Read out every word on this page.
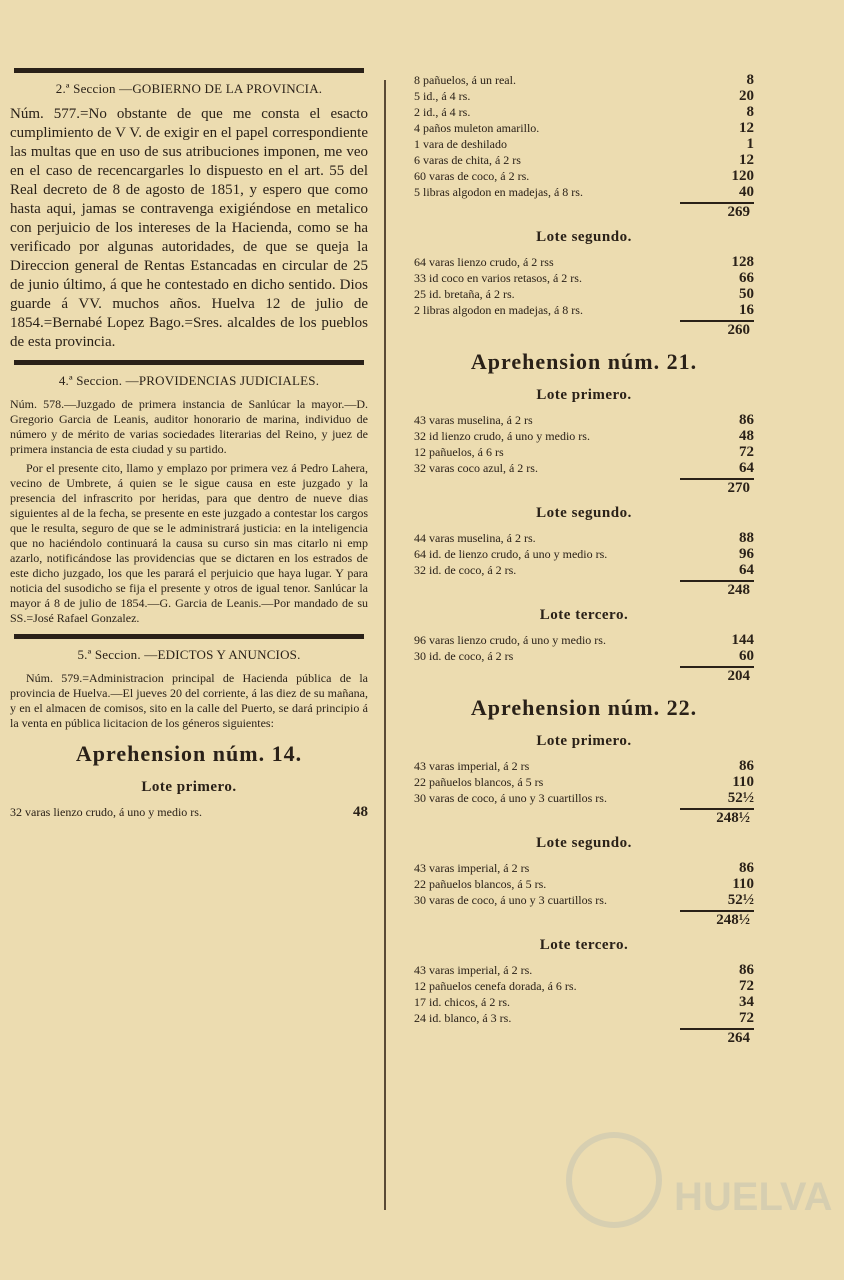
2.ª Seccion —GOBIERNO DE LA PROVINCIA.

Núm. 577.=No obstante de que me consta el esacto cumplimiento de V V. de exigir en el papel correspondiente las multas que en uso de sus atribuciones imponen, me veo en el caso de recencargarles lo dispuesto en el art. 55 del Real decreto de 8 de agosto de 1851, y espero que como hasta aqui, jamas se contravenga exigiéndose en metalico con perjuicio de los intereses de la Hacienda, como se ha verificado por algunas autoridades, de que se queja la Direccion general de Rentas Estancadas en circular de 25 de junio último, á que he contestado en dicho sentido. Dios guarde á VV. muchos años. Huelva 12 de julio de 1854.=Bernabé Lopez Bago.=Sres. alcaldes de los pueblos de esta provincia.

4.ª Seccion. —PROVIDENCIAS JUDICIALES.

Núm. 578.—Juzgado de primera instancia de Sanlúcar la mayor.—D. Gregorio Garcia de Leanis, auditor honorario de marina, individuo de número y de mérito de varias sociedades literarias del Reino, y juez de primera instancia de esta ciudad y su partido.

Por el presente cito, llamo y emplazo por primera vez á Pedro Lahera, vecino de Umbrete, á quien se le sigue causa en este juzgado y la presencia del infrascrito por heridas, para que dentro de nueve dias siguientes al de la fecha, se presente en este juzgado a contestar los cargos que le resulta, seguro de que se le administrará justicia: en la inteligencia que no haciéndolo continuará la causa su curso sin mas citarlo ni emp azarlo, notificándose las providencias que se dictaren en los estrados de este dicho juzgado, los que les parará el perjuicio que haya lugar. Y para noticia del susodicho se fija el presente y otros de igual tenor. Sanlúcar la mayor á 8 de julio de 1854.—G. Garcia de Leanis.—Por mandado de su SS.=José Rafael Gonzalez.

5.ª Seccion. —EDICTOS Y ANUNCIOS.

Núm. 579.=Administracion principal de Hacienda pública de la provincia de Huelva.—El jueves 20 del corriente, á las diez de su mañana, y en el almacen de comisos, sito en la calle del Puerto, se dará principio á la venta en pública licitacion de los géneros siguientes:

Aprehension núm. 14.
Lote primero.
32 varas lienzo crudo, á uno y medio rs.	48
8 pañuelos, á un real.	8
5 id., á 4 rs.	20
2 id., á 4 rs.	8
4 paños muleton amarillo.	12
1 vara de deshilado	1
6 varas de chita, á 2 rs	12
60 varas de coco, á 2 rs.	120
5 libras algodon en madejas, á 8 rs.	40
269
Lote segundo.
64 varas lienzo crudo, á 2 rss	128
33 id coco en varios retasos, á 2 rs.	66
25 id. bretaña, á 2 rs.	50
2 libras algodon en madejas, á 8 rs.	16
260
Aprehension núm. 21.
Lote primero.
43 varas muselina, á 2 rs	86
32 id lienzo crudo, á uno y medio rs.	48
12 pañuelos, á 6 rs	72
32 varas coco azul, á 2 rs.	64
270
Lote segundo.
44 varas muselina, á 2 rs.	88
64 id. de lienzo crudo, á uno y medio rs.	96
32 id. de coco, á 2 rs.	64
248
Lote tercero.
96 varas lienzo crudo, á uno y medio rs.	144
30 id. de coco, á 2 rs	60
204
Aprehension núm. 22.
Lote primero.
43 varas imperial, á 2 rs	86
22 pañuelos blancos, á 5 rs	110
30 varas de coco, á uno y 3 cuartillos rs.	52½
248½
Lote segundo.
43 varas imperial, á 2 rs	86
22 pañuelos blancos, á 5 rs.	110
30 varas de coco, á uno y 3 cuartillos rs.	52½
248½
Lote tercero.
43 varas imperial, á 2 rs.	86
12 pañuelos cenefa dorada, á 6 rs.	72
17 id. chicos, á 2 rs.	34
24 id. blanco, á 3 rs.	72
264
HUELVA
